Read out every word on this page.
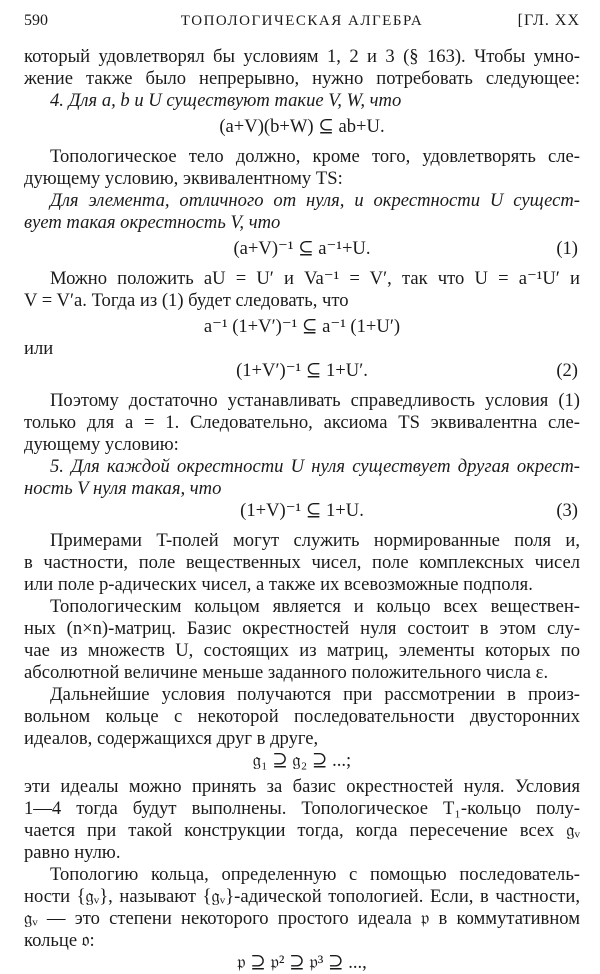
590	ТОПОЛОГИЧЕСКАЯ АЛГЕБРА	[ГЛ. XX
который удовлетворял бы условиям 1, 2 и 3 (§ 163). Чтобы умно-
жение также было непрерывно, нужно потребовать следующее:
4. Для a, b и U существуют такие V, W, что
(a+V)(b+W) ⊆ ab+U.
Топологическое тело должно, кроме того, удовлетворять сле-
дующему условию, эквивалентному TS:
Для элемента, отличного от нуля, и окрестности U сущест-
вует такая окрестность V, что
(a+V)⁻¹ ⊆ a⁻¹+U.	(1)
Можно положить aU = U′ и Va⁻¹ = V′, так что U = a⁻¹U′ и
V = V′a. Тогда из (1) будет следовать, что
a⁻¹ (1+V′)⁻¹ ⊆ a⁻¹ (1+U′)
или
(1+V′)⁻¹ ⊆ 1+U′.	(2)
Поэтому достаточно устанавливать справедливость условия (1)
только для a = 1. Следовательно, аксиома TS эквивалентна сле-
дующему условию:
5. Для каждой окрестности U нуля существует другая окрест-
ность V нуля такая, что
(1+V)⁻¹ ⊆ 1+U.	(3)
Примерами T-полей могут служить нормированные поля и,
в частности, поле вещественных чисел, поле комплексных чисел
или поле p-адических чисел, а также их всевозможные подполя.
Топологическим кольцом является и кольцо всех веществен-
ных (n×n)-матриц. Базис окрестностей нуля состоит в этом слу-
чае из множеств U, состоящих из матриц, элементы которых по
абсолютной величине меньше заданного положительного числа ε.
Дальнейшие условия получаются при рассмотрении в произ-
вольном кольце с некоторой последовательности двусторонних
идеалов, содержащихся друг в друге,
𝔤₁ ⊇ 𝔤₂ ⊇ ...;
эти идеалы можно принять за базис окрестностей нуля. Условия
1—4 тогда будут выполнены. Топологическое T₁-кольцо полу-
чается при такой конструкции тогда, когда пересечение всех 𝔤ᵥ
равно нулю.
Топологию кольца, определенную с помощью последователь-
ности {𝔤ᵥ}, называют {𝔤ᵥ}-адической топологией. Если, в частности,
𝔤ᵥ — это степени некоторого простого идеала 𝔭 в коммутативном
кольце 𝔬:
𝔭 ⊇ 𝔭² ⊇ 𝔭³ ⊇ ...,
